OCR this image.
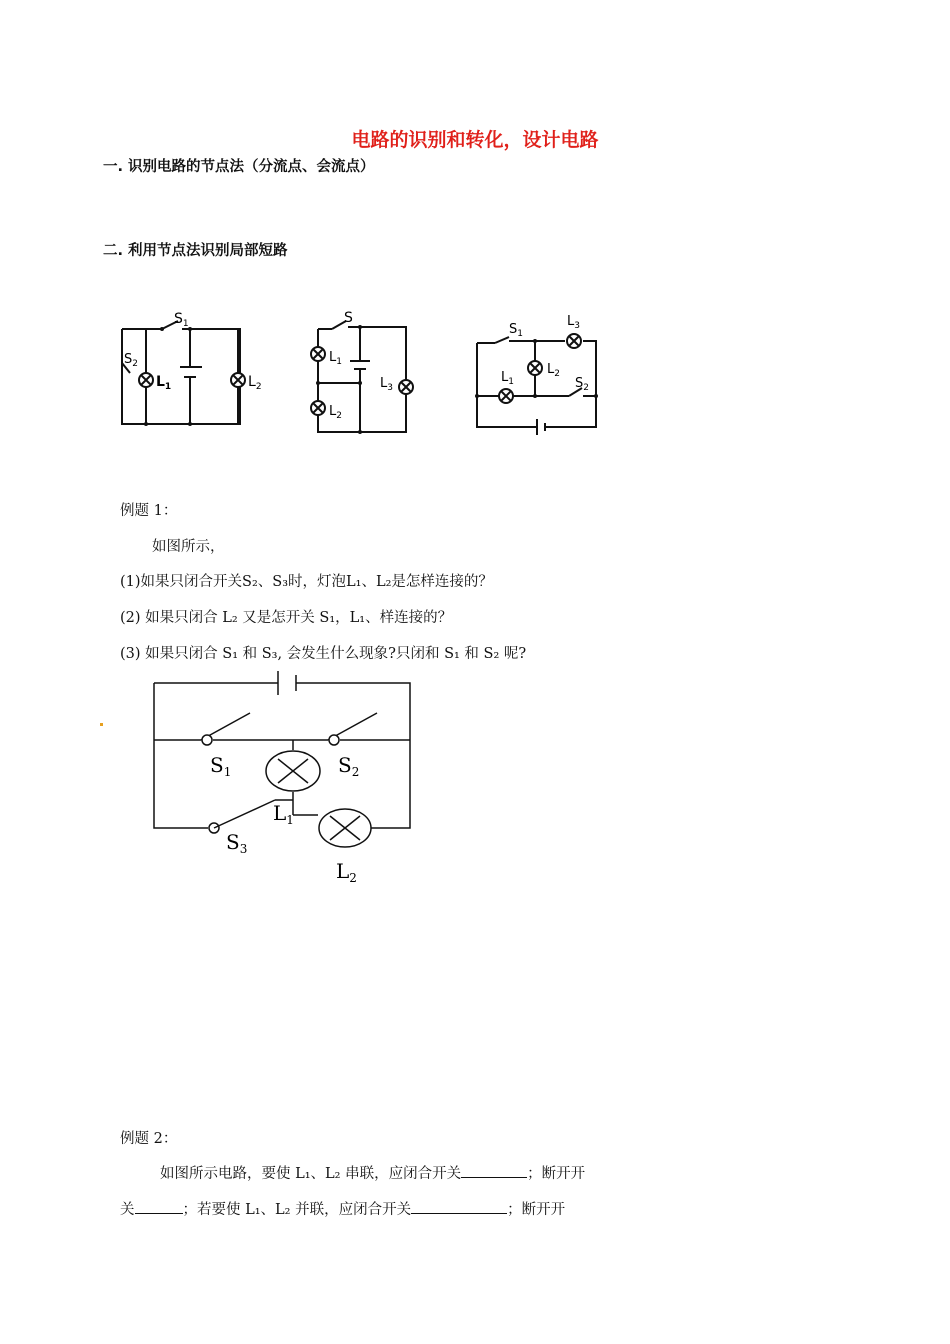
电路的识别和转化，设计电路
一. 识别电路的节点法（分流点、会流点）
二. 利用节点法识别局部短路
$S_1$
$S_2$
$L_1$	$L_2$
S
$L_1$
$L_2$
$L_3$
$S_1$
$L_3$
$L_1$
$L_2$
$S_2$
例题 1：
如图所示，
(1)如果只闭合开关S₂、S₃时，灯泡L₁、L₂是怎样连接的？
(2) 如果只闭合 L₂ 又是怎开关 S₁，L₁、样连接的？
(3) 如果只闭合 S₁ 和 S₃, 会发生什么现象?只闭和 S₁ 和 S₂ 呢?
$S_1$	$S_2$
$L_1$
$S_3$
$L_2$
例题 2：
如图所示电路，要使 L₁、L₂ 串联，应闭合开关	；断开开
关	；若要使 L₁、L₂ 并联，应闭合开关	；断开开
